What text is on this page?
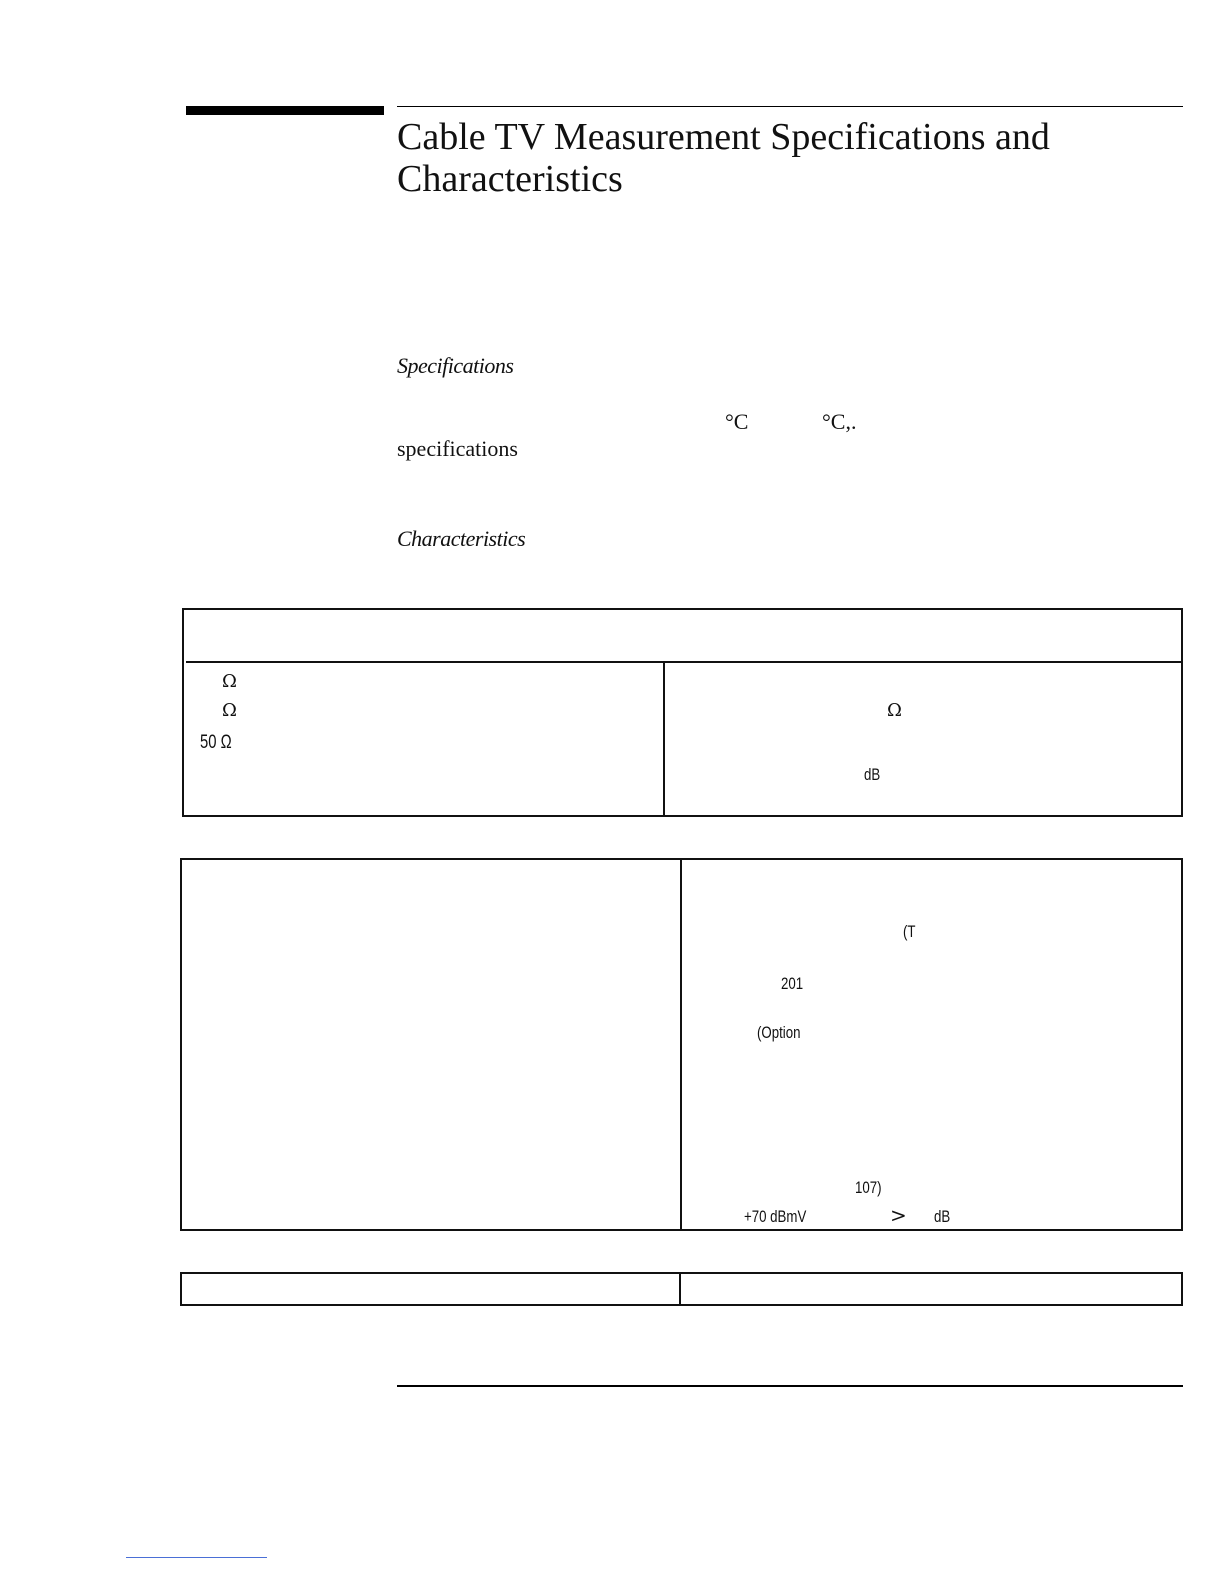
Cable TV Measurement Specifications and
Characteristics
Specifications
°C	°C,.
specifications
Characteristics
Ω
Ω
50 Ω
Ω
dB
(T
201
(Option
107)
+70 dBmV	> dB
